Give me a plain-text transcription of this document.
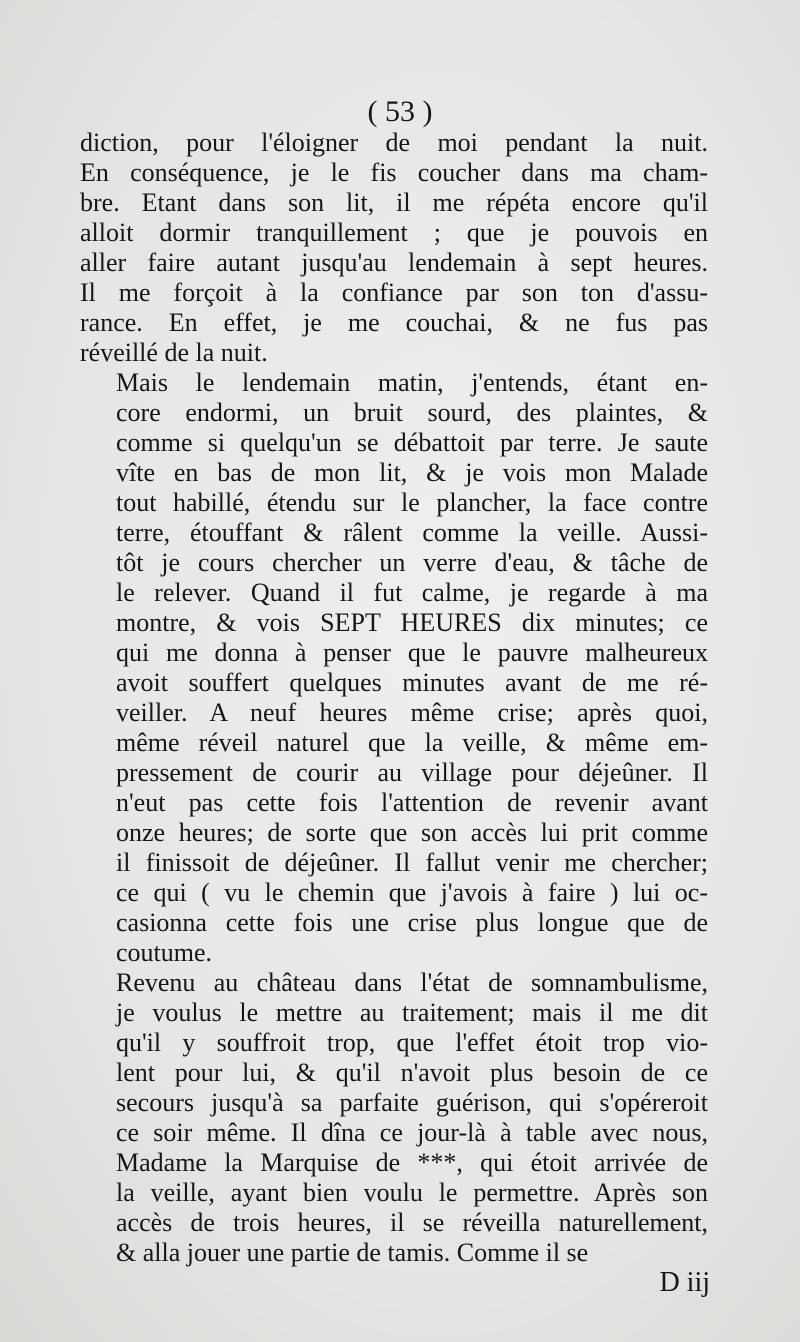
( 53 )
diction, pour l'éloigner de moi pendant la nuit.
En conséquence, je le fis coucher dans ma cham-
bre. Etant dans son lit, il me répéta encore qu'il
alloit dormir tranquillement ; que je pouvois en
aller faire autant jusqu'au lendemain à sept heures.
Il me forçoit à la confiance par son ton d'assu-
rance. En effet, je me couchai, & ne fus pas
réveillé de la nuit.
Mais le lendemain matin, j'entends, étant en-
core endormi, un bruit sourd, des plaintes, &
comme si quelqu'un se débattoit par terre. Je saute
vîte en bas de mon lit, & je vois mon Malade
tout habillé, étendu sur le plancher, la face contre
terre, étouffant & râlent comme la veille. Aussi-
tôt je cours chercher un verre d'eau, & tâche de
le relever. Quand il fut calme, je regarde à ma
montre, & vois SEPT HEURES dix minutes; ce
qui me donna à penser que le pauvre malheureux
avoit souffert quelques minutes avant de me ré-
veiller. A neuf heures même crise; après quoi,
même réveil naturel que la veille, & même em-
pressement de courir au village pour déjeûner. Il
n'eut pas cette fois l'attention de revenir avant
onze heures; de sorte que son accès lui prit comme
il finissoit de déjeûner. Il fallut venir me chercher;
ce qui ( vu le chemin que j'avois à faire ) lui oc-
casionna cette fois une crise plus longue que de
coutume.
Revenu au château dans l'état de somnambulisme,
je voulus le mettre au traitement; mais il me dit
qu'il y souffroit trop, que l'effet étoit trop vio-
lent pour lui, & qu'il n'avoit plus besoin de ce
secours jusqu'à sa parfaite guérison, qui s'opéreroit
ce soir même. Il dîna ce jour-là à table avec nous,
Madame la Marquise de ***, qui étoit arrivée de
la veille, ayant bien voulu le permettre. Après son
accès de trois heures, il se réveilla naturellement,
& alla jouer une partie de tamis. Comme il se
D iij
